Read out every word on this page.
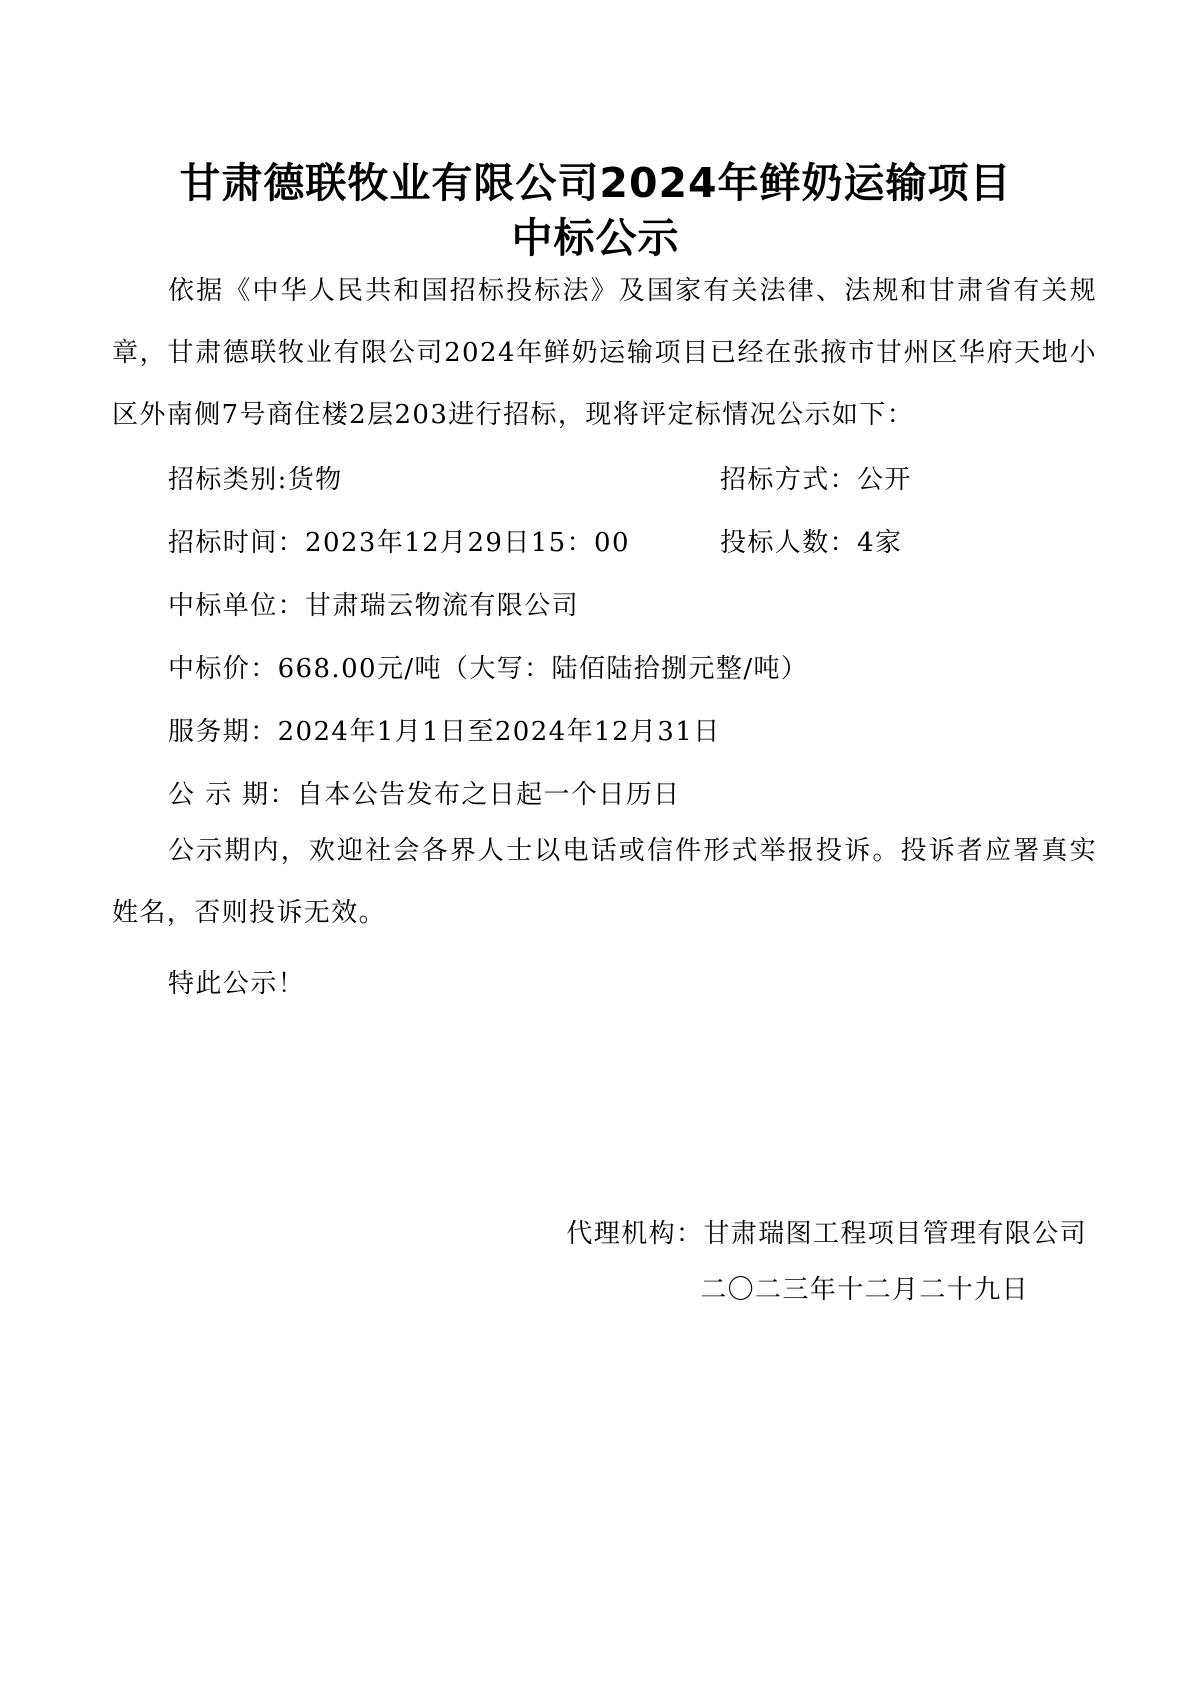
甘肃德联牧业有限公司2024年鲜奶运输项目
中标公示
依据《中华人民共和国招标投标法》及国家有关法律、法规和甘肃省有关规章，甘肃德联牧业有限公司2024年鲜奶运输项目已经在张掖市甘州区华府天地小区外南侧7号商住楼2层203进行招标，现将评定标情况公示如下：
招标类别:货物	招标方式：公开
招标时间：2023年12月29日15：00	投标人数：4家
中标单位：甘肃瑞云物流有限公司
中标价：668.00元/吨（大写：陆佰陆拾捌元整/吨）
服务期：2024年1月1日至2024年12月31日
公 示 期：自本公告发布之日起一个日历日
公示期内，欢迎社会各界人士以电话或信件形式举报投诉。投诉者应署真实姓名，否则投诉无效。
特此公示！
代理机构：甘肃瑞图工程项目管理有限公司
二〇二三年十二月二十九日
